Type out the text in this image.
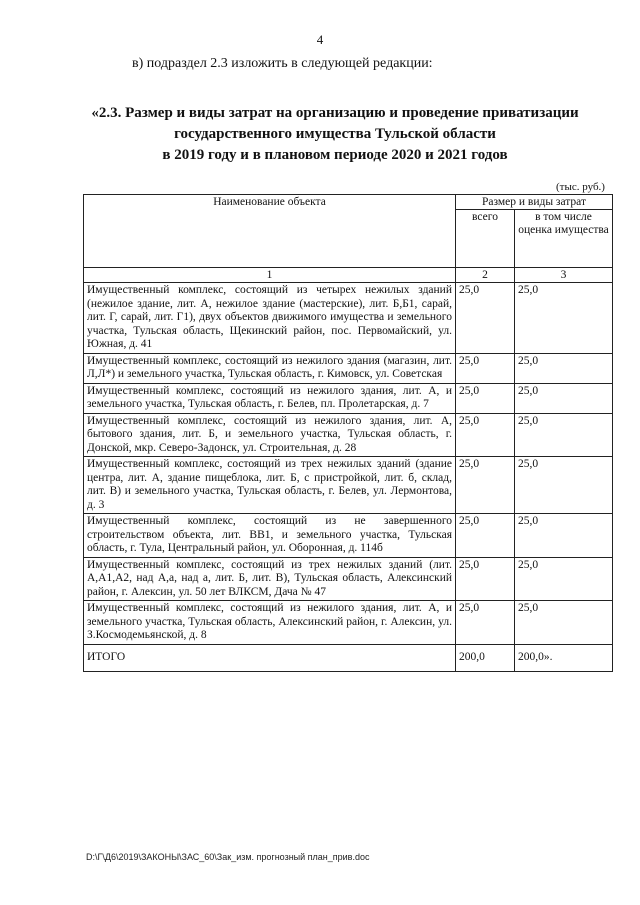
4
в) подраздел 2.3 изложить в следующей редакции:
«2.3. Размер и виды затрат на организацию и проведение приватизации
государственного имущества Тульской области
в 2019 году и в плановом периоде 2020 и 2021 годов
(тыс. руб.)
Наименование объекта	Размер и виды затрат	
	всего	в том числе оценка имущества
1	2	3
Имущественный комплекс, состоящий из четырех нежилых зданий (нежилое здание, лит. А, нежилое здание (мастерские), лит. Б,Б1, сарай, лит. Г, сарай, лит. Г1), двух объектов движимого имущества и земельного участка, Тульская область, Щекинский район, пос. Первомайский, ул. Южная, д. 41	25,0	25,0
Имущественный комплекс, состоящий из нежилого здания (магазин, лит. Л,Л*) и земельного участка, Тульская область, г. Кимовск, ул. Советская	25,0	25,0
Имущественный комплекс, состоящий из нежилого здания, лит. А, и земельного участка, Тульская область, г. Белев, пл. Пролетарская, д. 7	25,0	25,0
Имущественный комплекс, состоящий из нежилого здания, лит. А, бытового здания, лит. Б, и земельного участка, Тульская область, г. Донской, мкр. Северо-Задонск, ул. Строительная, д. 28	25,0	25,0
Имущественный комплекс, состоящий из трех нежилых зданий (здание центра, лит. А, здание пищеблока, лит. Б, с пристройкой, лит. б, склад, лит. В) и земельного участка, Тульская область, г. Белев, ул. Лермонтова, д. 3	25,0	25,0
Имущественный комплекс, состоящий из не завершенного строительством объекта, лит. ВВ1, и земельного участка, Тульская область, г. Тула, Центральный район, ул. Оборонная, д. 114б	25,0	25,0
Имущественный комплекс, состоящий из трех нежилых зданий (лит. А,А1,А2, над А,а, над а, лит. Б, лит. В), Тульская область, Алексинский район, г. Алексин, ул. 50 лет ВЛКСМ, Дача № 47	25,0	25,0
Имущественный комплекс, состоящий из нежилого здания, лит. А, и земельного участка, Тульская область, Алексинский район, г. Алексин, ул. З.Космодемьянской, д. 8	25,0	25,0
ИТОГО	200,0	200,0».
D:\Г\Д6\2019\ЗАКОНЫ\ЗАС_60\Зак_изм. прогнозный план_прив.doc
